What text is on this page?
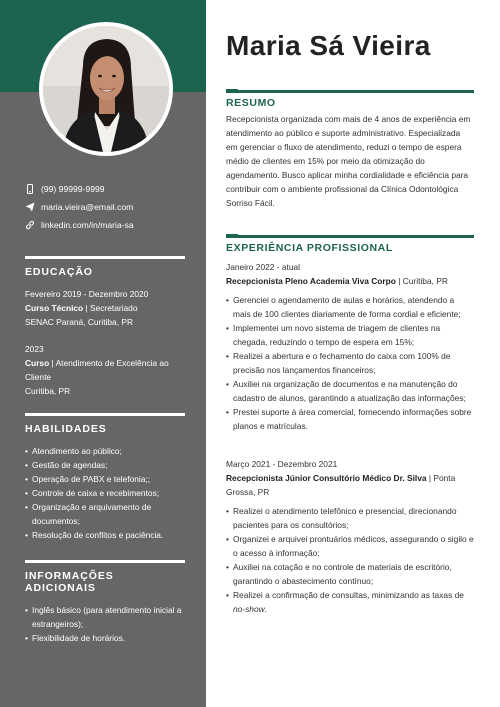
(99) 99999-9999
maria.vieira@email.com
linkedin.com/in/maria-sa
EDUCAÇÃO
Fevereiro 2019 - Dezembro 2020
Curso Técnico | Secretariado
SENAC Paraná, Curitiba, PR
2023
Curso | Atendimento de Excelência ao Cliente
Curitiba, PR
HABILIDADES
• Atendimento ao público;
• Gestão de agendas;
• Operação de PABX e telefonia;;
• Controle de caixa e recebimentos;
• Organização e arquivamento de documentos;
• Resolução de conflitos e paciência.
INFORMAÇÕES ADICIONAIS
• Inglês básico (para atendimento inicial a estrangeiros);
• Flexibilidade de horários.
Maria Sá Vieira
RESUMO
Recepcionista organizada com mais de 4 anos de experiência em atendimento ao público e suporte administrativo. Especializada em gerenciar o fluxo de atendimento, reduzi o tempo de espera médio de clientes em 15% por meio da otimização do agendamento. Busco aplicar minha cordialidade e eficiência para contribuir com o ambiente profissional da Clínica Odontológica Sorriso Fácil.
EXPERIÊNCIA PROFISSIONAL
Janeiro 2022 - atual
Recepcionista Pleno Academia Viva Corpo | Curitiba, PR
• Gerenciei o agendamento de aulas e horários, atendendo a mais de 100 clientes diariamente de forma cordial e eficiente;
• Implementei um novo sistema de triagem de clientes na chegada, reduzindo o tempo de espera em 15%;
• Realizei a abertura e o fechamento do caixa com 100% de precisão nos lançamentos financeiros;
• Auxiliei na organização de documentos e na manutenção do cadastro de alunos, garantindo a atualização das informações;
• Prestei suporte à área comercial, fornecendo informações sobre planos e matrículas.
Março 2021 - Dezembro 2021
Recepcionista Júnior Consultório Médico Dr. Silva | Ponta Grossa, PR
• Realizei o atendimento telefônico e presencial, direcionando pacientes para os consultórios;
• Organizei e arquivei prontuários médicos, assegurando o sigilo e o acesso à informação;
• Auxiliei na cotação e no controle de materiais de escritório, garantindo o abastecimento contínuo;
• Realizei a confirmação de consultas, minimizando as taxas de no-show.
